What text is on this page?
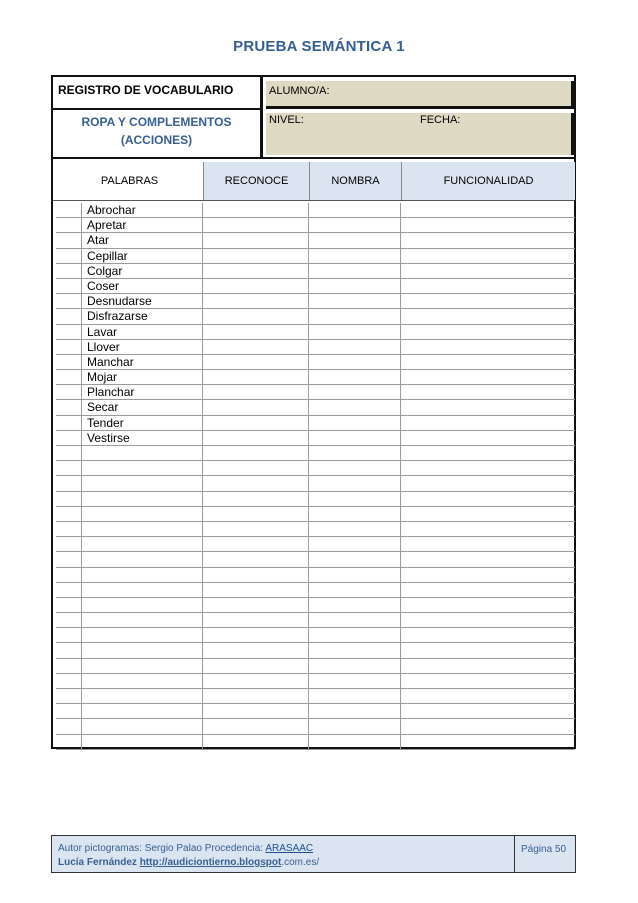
PRUEBA SEMÁNTICA 1
REGISTRO DE VOCABULARIO
ROPA Y COMPLEMENTOS
(ACCIONES)
ALUMNO/A:
NIVEL:	FECHA:
PALABRAS	RECONOCE	NOMBRA	FUNCIONALIDAD
Abrochar
Apretar
Atar
Cepillar
Colgar
Coser
Desnudarse
Disfrazarse
Lavar
Llover
Manchar
Mojar
Planchar
Secar
Tender
Vestirse
Autor pictogramas: Sergio Palao Procedencia: ARASAAC
Lucía Fernández http://audiciontierno.blogspot.com.es/
Página 50
